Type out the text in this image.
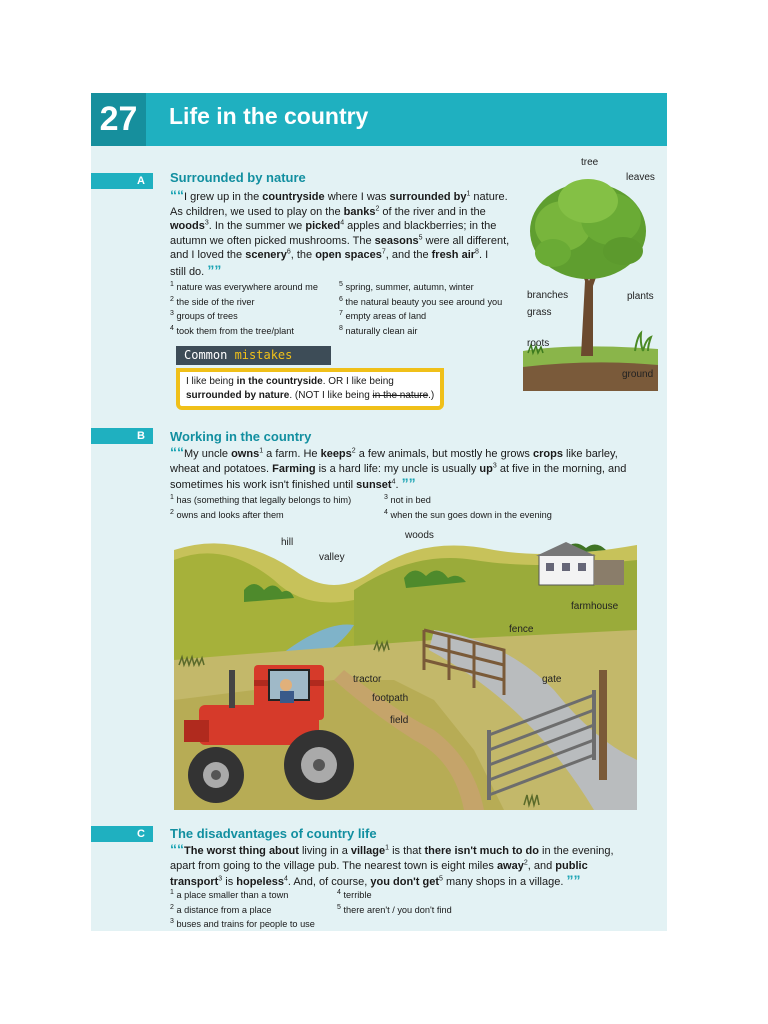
27	Life in the country
A	Surrounded by nature
““I grew up in the countryside where I was surrounded $by^1$ nature.
As children, we used to play on the banks$^2$ of the river and in the
woods$^3$. In the summer we picked$^4$ apples and blackberries; in the
autumn we often picked mushrooms. The seasons$^5$ were all different,
and I loved the scenery$^6$, the open spaces$^7$, and the fresh air$^8$. I
still do. ””
$^1$ nature was everywhere around me
$^2$ the side of the river
$^3$ groups of trees
$^4$ took them from the tree/plant
$^5$ spring, summer, autumn, winter
$^6$ the natural beauty you see around you
$^7$ empty areas of land
$^8$ naturally clean air
tree
leaves
branches	plants
grass
roots
ground
Common mistakes
I like being in the countryside. OR I like being
surrounded by nature. (NOT I like being in the nature.)
B	Working in the country
““My uncle owns$^1$ a farm. He keeps$^2$ a few animals, but mostly he grows crops like barley,
wheat and potatoes. Farming is a hard life: my uncle is usually $up^3$ at five in the morning, and
sometimes his work isn't finished until sunset$^4$. ””
$^1$ has (something that legally belongs to him)
$^2$ owns and looks after them
$^3$ not in bed
$^4$ when the sun goes down in the evening
hill
valley
woods
farmhouse
fence
tractor
footpath
gate
field
C	The disadvantages of country life
““The worst thing about living in a village$^1$ is that there isn't much to do in the evening,
apart from going to the village pub. The nearest town is eight miles away$^2$, and public
transport$^3$ is hopeless$^4$. And, of course, you don't get$^5$ many shops in a village. ””
$^1$ a place smaller than a town
$^2$ a distance from a place
$^3$ buses and trains for people to use
$^4$ terrible
$^5$ there aren't / you don't find
